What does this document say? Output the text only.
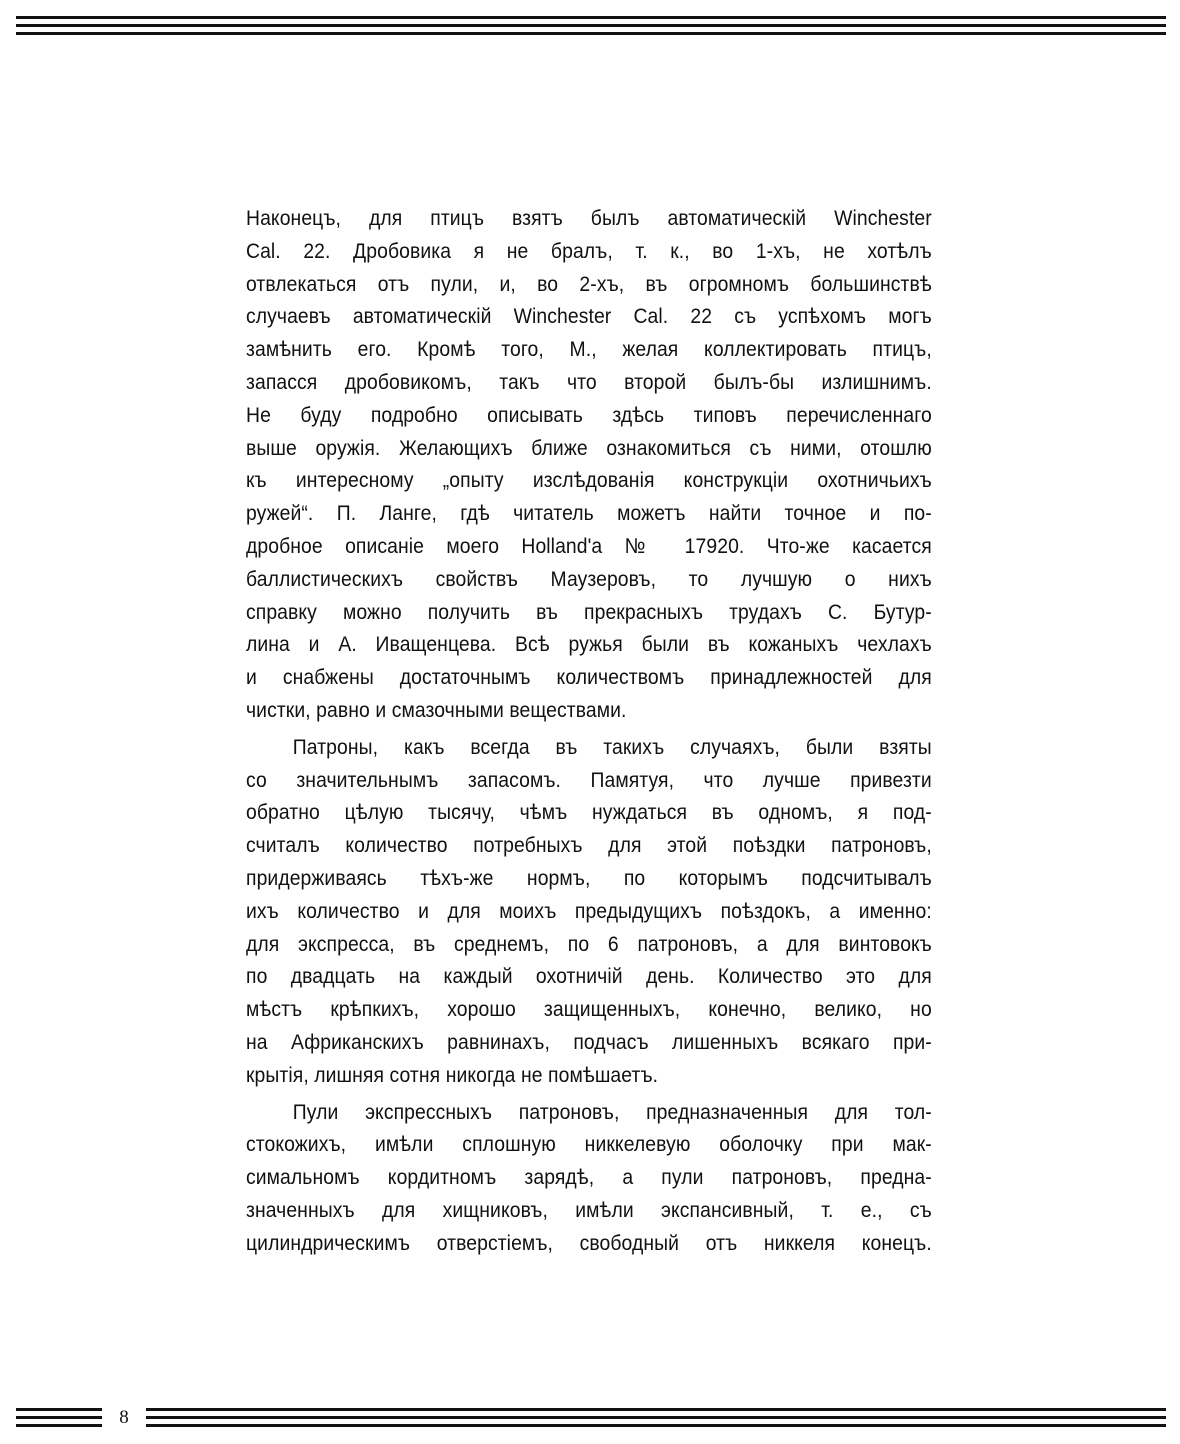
Наконецъ, для птицъ взятъ былъ автоматическій Winchester
Cal. 22. Дробовика я не бралъ, т. к., во 1-хъ, не хотѣлъ
отвлекаться отъ пули, и, во 2-хъ, въ огромномъ большинствѣ
случаевъ автоматическій Winchester Cal. 22 съ успѣхомъ могъ
замѣнить его. Кромѣ того, М., желая коллектировать птицъ,
запасся дробовикомъ, такъ что второй былъ-бы излишнимъ.
Не буду подробно описывать здѣсь типовъ перечисленнаго
выше оружія. Желающихъ ближе ознакомиться съ ними, отошлю
къ интересному „опыту изслѣдованія конструкціи охотничьихъ
ружей“. П. Ланге, гдѣ читатель можетъ найти точное и по-
дробное описаніе моего Holland'a № 17920. Что-же касается
баллистическихъ свойствъ Маузеровъ, то лучшую о нихъ
справку можно получить въ прекрасныхъ трудахъ С. Бутур-
лина и А. Иващенцева. Всѣ ружья были въ кожаныхъ чехлахъ
и снабжены достаточнымъ количествомъ принадлежностей для
чистки, равно и смазочными веществами.
Патроны, какъ всегда въ такихъ случаяхъ, были взяты
со значительнымъ запасомъ. Памятуя, что лучше привезти
обратно цѣлую тысячу, чѣмъ нуждаться въ одномъ, я под-
считалъ количество потребныхъ для этой поѣздки патроновъ,
придерживаясь тѣхъ-же нормъ, по которымъ подсчитывалъ
ихъ количество и для моихъ предыдущихъ поѣздокъ, а именно:
для экспресса, въ среднемъ, по 6 патроновъ, а для винтовокъ
по двадцать на каждый охотничій день. Количество это для
мѣстъ крѣпкихъ, хорошо защищенныхъ, конечно, велико, но
на Африканскихъ равнинахъ, подчасъ лишенныхъ всякаго при-
крытія, лишняя сотня никогда не помѣшаетъ.
Пули экспрессныхъ патроновъ, предназначенныя для тол-
стокожихъ, имѣли сплошную никкелевую оболочку при мак-
симальномъ кордитномъ зарядѣ, а пули патроновъ, предна-
значенныхъ для хищниковъ, имѣли экспансивный, т. е., съ
цилиндрическимъ отверстіемъ, свободный отъ никкеля конецъ.
8
